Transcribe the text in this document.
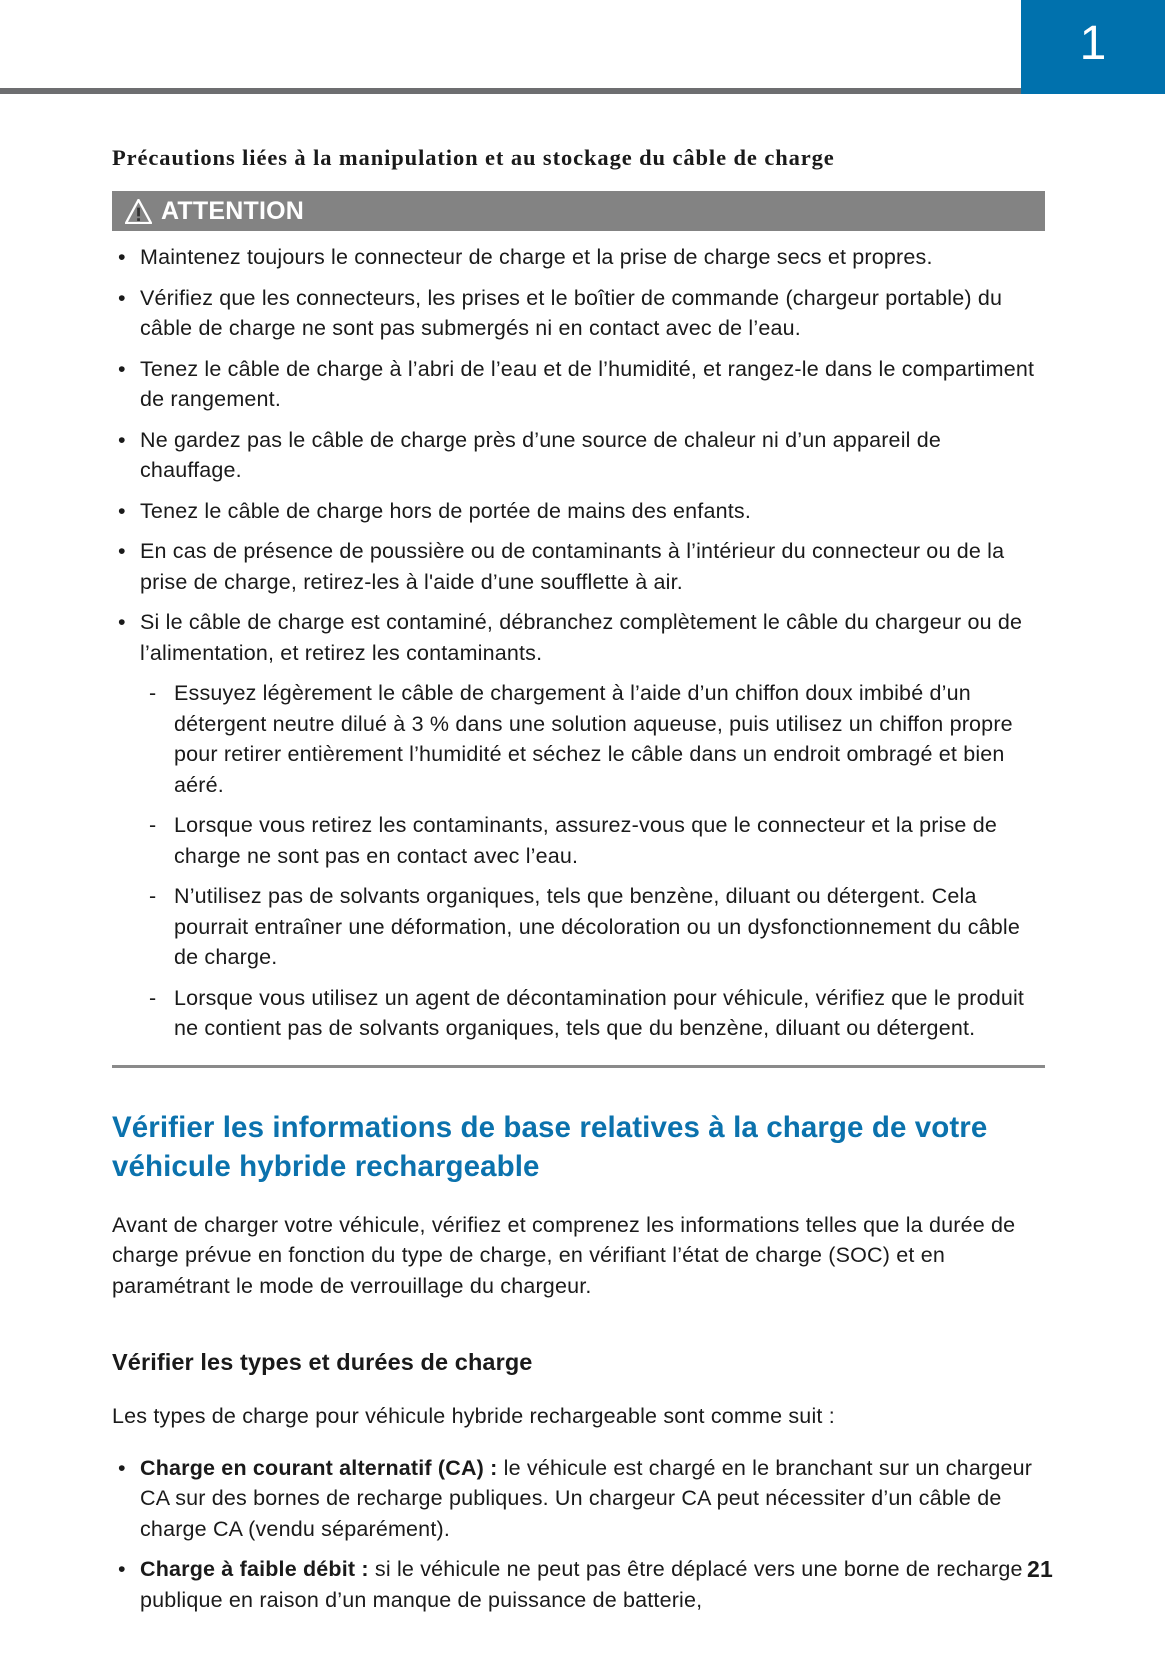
1
Précautions liées à la manipulation et au stockage du câble de charge
ATTENTION
• Maintenez toujours le connecteur de charge et la prise de charge secs et propres.
• Vérifiez que les connecteurs, les prises et le boîtier de commande (chargeur portable) du câble de charge ne sont pas submergés ni en contact avec de l’eau.
• Tenez le câble de charge à l’abri de l’eau et de l’humidité, et rangez-le dans le compartiment de rangement.
• Ne gardez pas le câble de charge près d’une source de chaleur ni d’un appareil de chauffage.
• Tenez le câble de charge hors de portée de mains des enfants.
• En cas de présence de poussière ou de contaminants à l’intérieur du connecteur ou de la prise de charge, retirez-les à l'aide d’une soufflette à air.
• Si le câble de charge est contaminé, débranchez complètement le câble du chargeur ou de l’alimentation, et retirez les contaminants.
- Essuyez légèrement le câble de chargement à l’aide d’un chiffon doux imbibé d’un détergent neutre dilué à 3 % dans une solution aqueuse, puis utilisez un chiffon propre pour retirer entièrement l’humidité et séchez le câble dans un endroit ombragé et bien aéré.
- Lorsque vous retirez les contaminants, assurez-vous que le connecteur et la prise de charge ne sont pas en contact avec l’eau.
- N’utilisez pas de solvants organiques, tels que benzène, diluant ou détergent. Cela pourrait entraîner une déformation, une décoloration ou un dysfonctionnement du câble de charge.
- Lorsque vous utilisez un agent de décontamination pour véhicule, vérifiez que le produit ne contient pas de solvants organiques, tels que du benzène, diluant ou détergent.
Vérifier les informations de base relatives à la charge de votre véhicule hybride rechargeable

Avant de charger votre véhicule, vérifiez et comprenez les informations telles que la durée de charge prévue en fonction du type de charge, en vérifiant l’état de charge (SOC) et en paramétrant le mode de verrouillage du chargeur.

Vérifier les types et durées de charge

Les types de charge pour véhicule hybride rechargeable sont comme suit :

• Charge en courant alternatif (CA) : le véhicule est chargé en le branchant sur un chargeur CA sur des bornes de recharge publiques. Un chargeur CA peut nécessiter d’un câble de charge CA (vendu séparément).
• Charge à faible débit : si le véhicule ne peut pas être déplacé vers une borne de recharge publique en raison d’un manque de puissance de batterie,
21
